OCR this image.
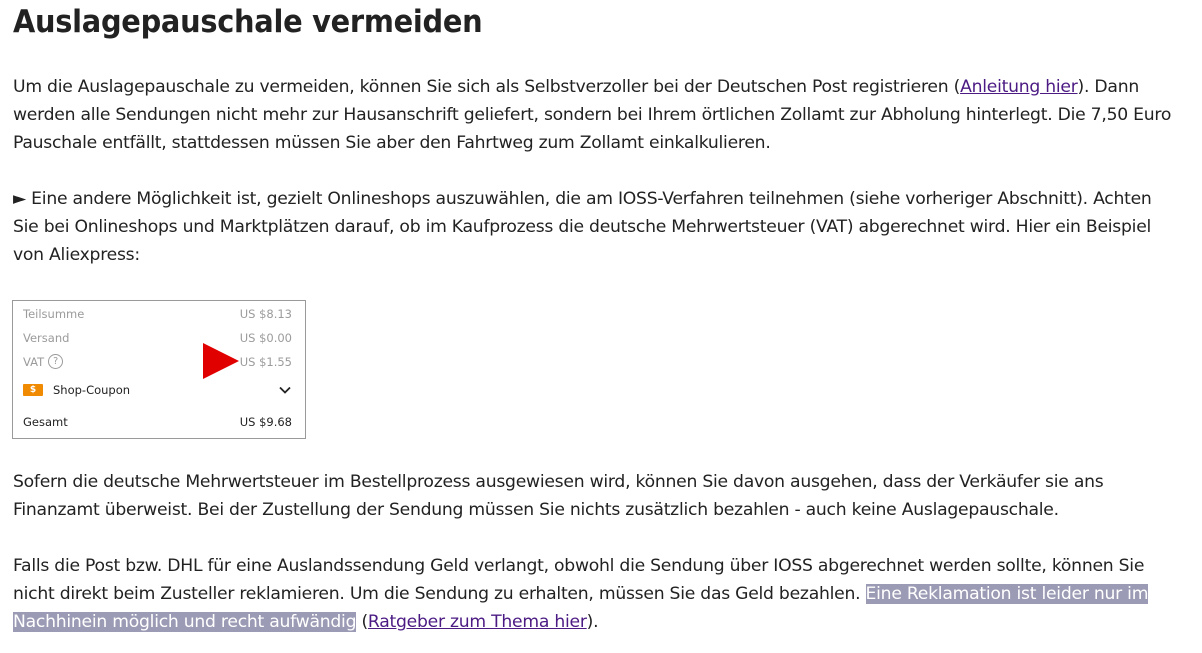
Auslagepauschale vermeiden

Um die Auslagepauschale zu vermeiden, können Sie sich als Selbstverzoller bei der Deutschen Post registrieren (Anleitung hier). Dann werden alle Sendungen nicht mehr zur Hausanschrift geliefert, sondern bei Ihrem örtlichen Zollamt zur Abholung hinterlegt. Die 7,50 Euro Pauschale entfällt, stattdessen müssen Sie aber den Fahrtweg zum Zollamt einkalkulieren.

► Eine andere Möglichkeit ist, gezielt Onlineshops auszuwählen, die am IOSS-Verfahren teilnehmen (siehe vorheriger Abschnitt). Achten Sie bei Onlineshops und Marktplätzen darauf, ob im Kaufprozess die deutsche Mehrwertsteuer (VAT) abgerechnet wird. Hier ein Beispiel von Aliexpress:

Sofern die deutsche Mehrwertsteuer im Bestellprozess ausgewiesen wird, können Sie davon ausgehen, dass der Verkäufer sie ans Finanzamt überweist. Bei der Zustellung der Sendung müssen Sie nichts zusätzlich bezahlen - auch keine Auslagepauschale.

Falls die Post bzw. DHL für eine Auslandssendung Geld verlangt, obwohl die Sendung über IOSS abgerechnet werden sollte, können Sie nicht direkt beim Zusteller reklamieren. Um die Sendung zu erhalten, müssen Sie das Geld bezahlen. Eine Reklamation ist leider nur im Nachhinein möglich und recht aufwändig (Ratgeber zum Thema hier).

Teilsumme	US $8.13
Versand	US $0.00
VAT ?	US $1.55
$	Shop-Coupon
Gesamt	US $9.68
